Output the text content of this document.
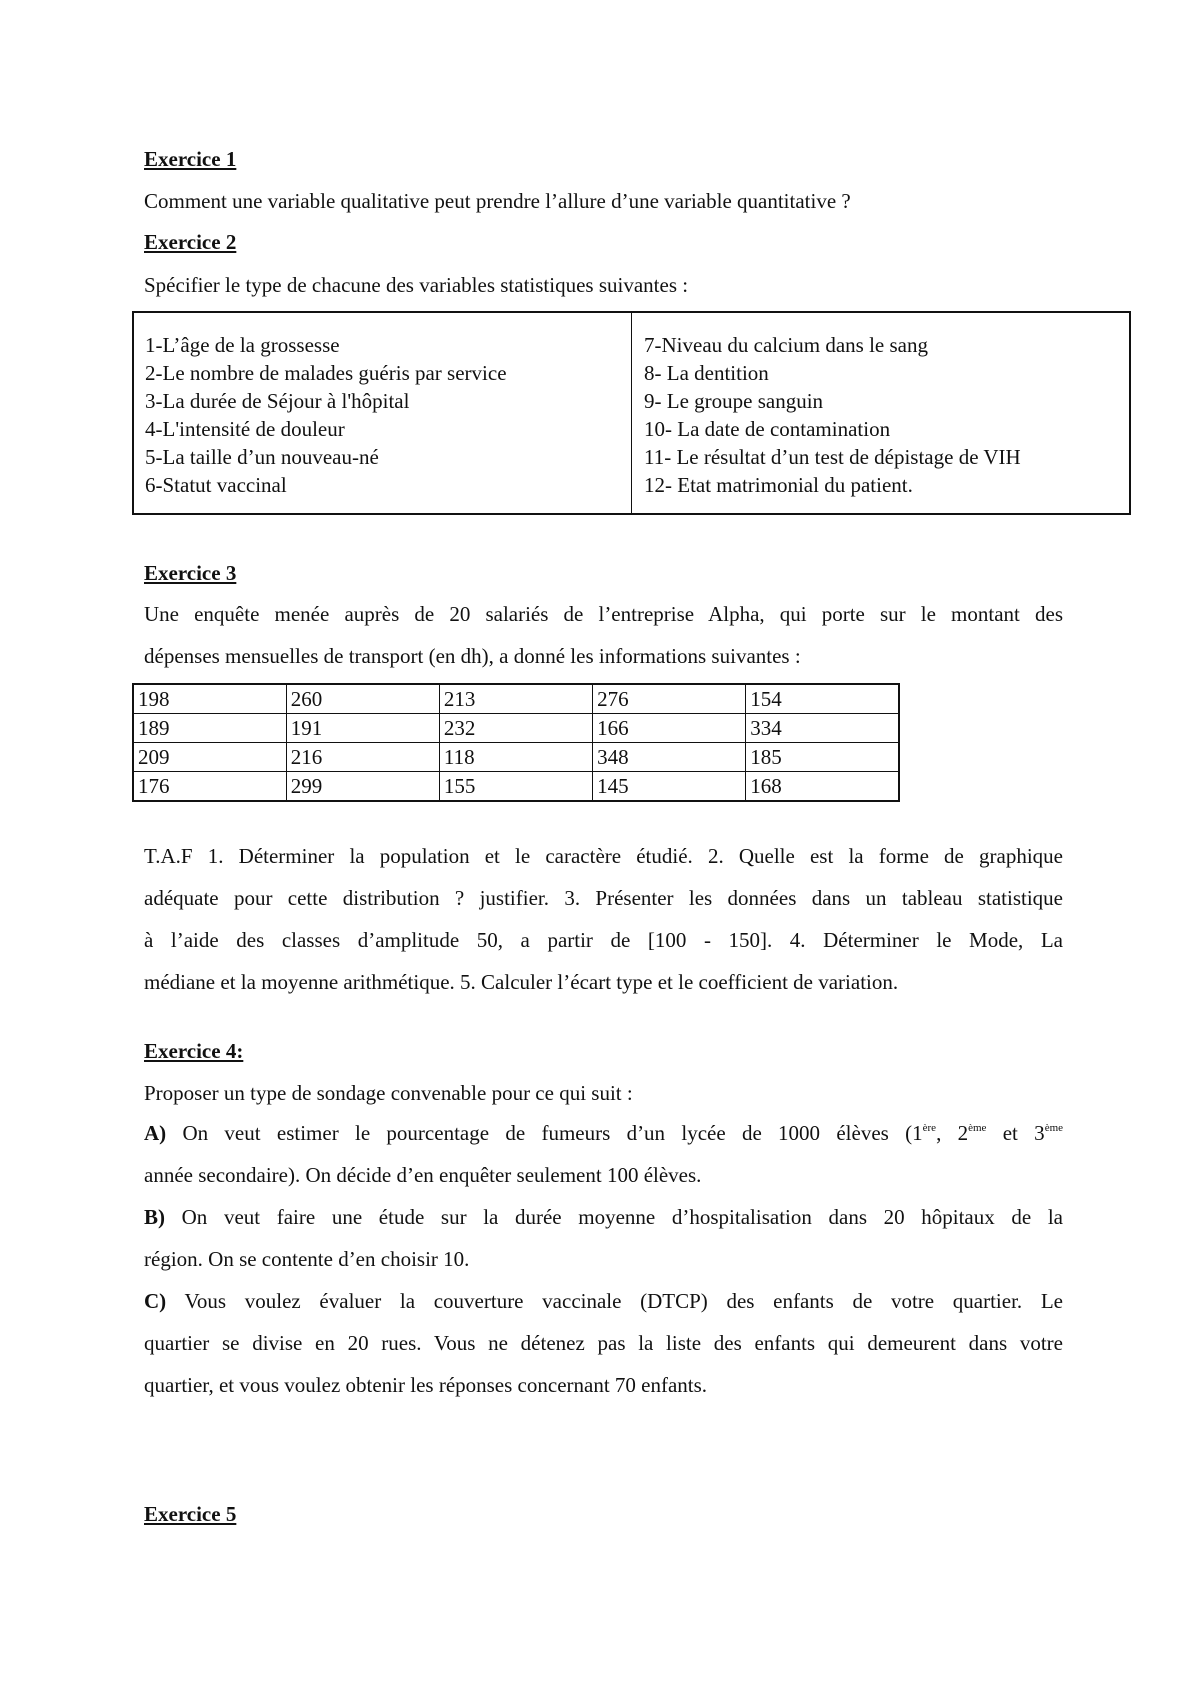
Exercice 1
Comment une variable qualitative peut prendre l’allure d’une variable quantitative ?
Exercice 2
Spécifier le type de chacune des variables statistiques suivantes :
1-L’âge de la grossesse
2-Le nombre de malades guéris par service
3-La durée de Séjour à l'hôpital
4-L'intensité de douleur
5-La taille d’un nouveau-né
6-Statut vaccinal

7-Niveau du calcium dans le sang
8- La dentition
9- Le groupe sanguin
10- La date de contamination
11- Le résultat d’un test de dépistage de VIH
12- Etat matrimonial du patient.
Exercice 3
Une enquête menée auprès de 20 salariés de l’entreprise Alpha, qui porte sur le montant des
dépenses mensuelles de transport (en dh), a donné les informations suivantes :
198	260	213	276	154
189	191	232	166	334
209	216	118	348	185
176	299	155	145	168
T.A.F 1. Déterminer la population et le caractère étudié. 2. Quelle est la forme de graphique
adéquate pour cette distribution ? justifier. 3. Présenter les données dans un tableau statistique
à l’aide des classes d’amplitude 50, a partir de [100 - 150]. 4. Déterminer le Mode, La
médiane et la moyenne arithmétique. 5. Calculer l’écart type et le coefficient de variation.
Exercice 4:
Proposer un type de sondage convenable pour ce qui suit :
A) On veut estimer le pourcentage de fumeurs d’un lycée de 1000 élèves (1ère, 2ème et 3ème
année secondaire). On décide d’en enquêter seulement 100 élèves.
B) On veut faire une étude sur la durée moyenne d’hospitalisation dans 20 hôpitaux de la
région. On se contente d’en choisir 10.
C) Vous voulez évaluer la couverture vaccinale (DTCP) des enfants de votre quartier. Le
quartier se divise en 20 rues. Vous ne détenez pas la liste des enfants qui demeurent dans votre
quartier, et vous voulez obtenir les réponses concernant 70 enfants.
Exercice 5
